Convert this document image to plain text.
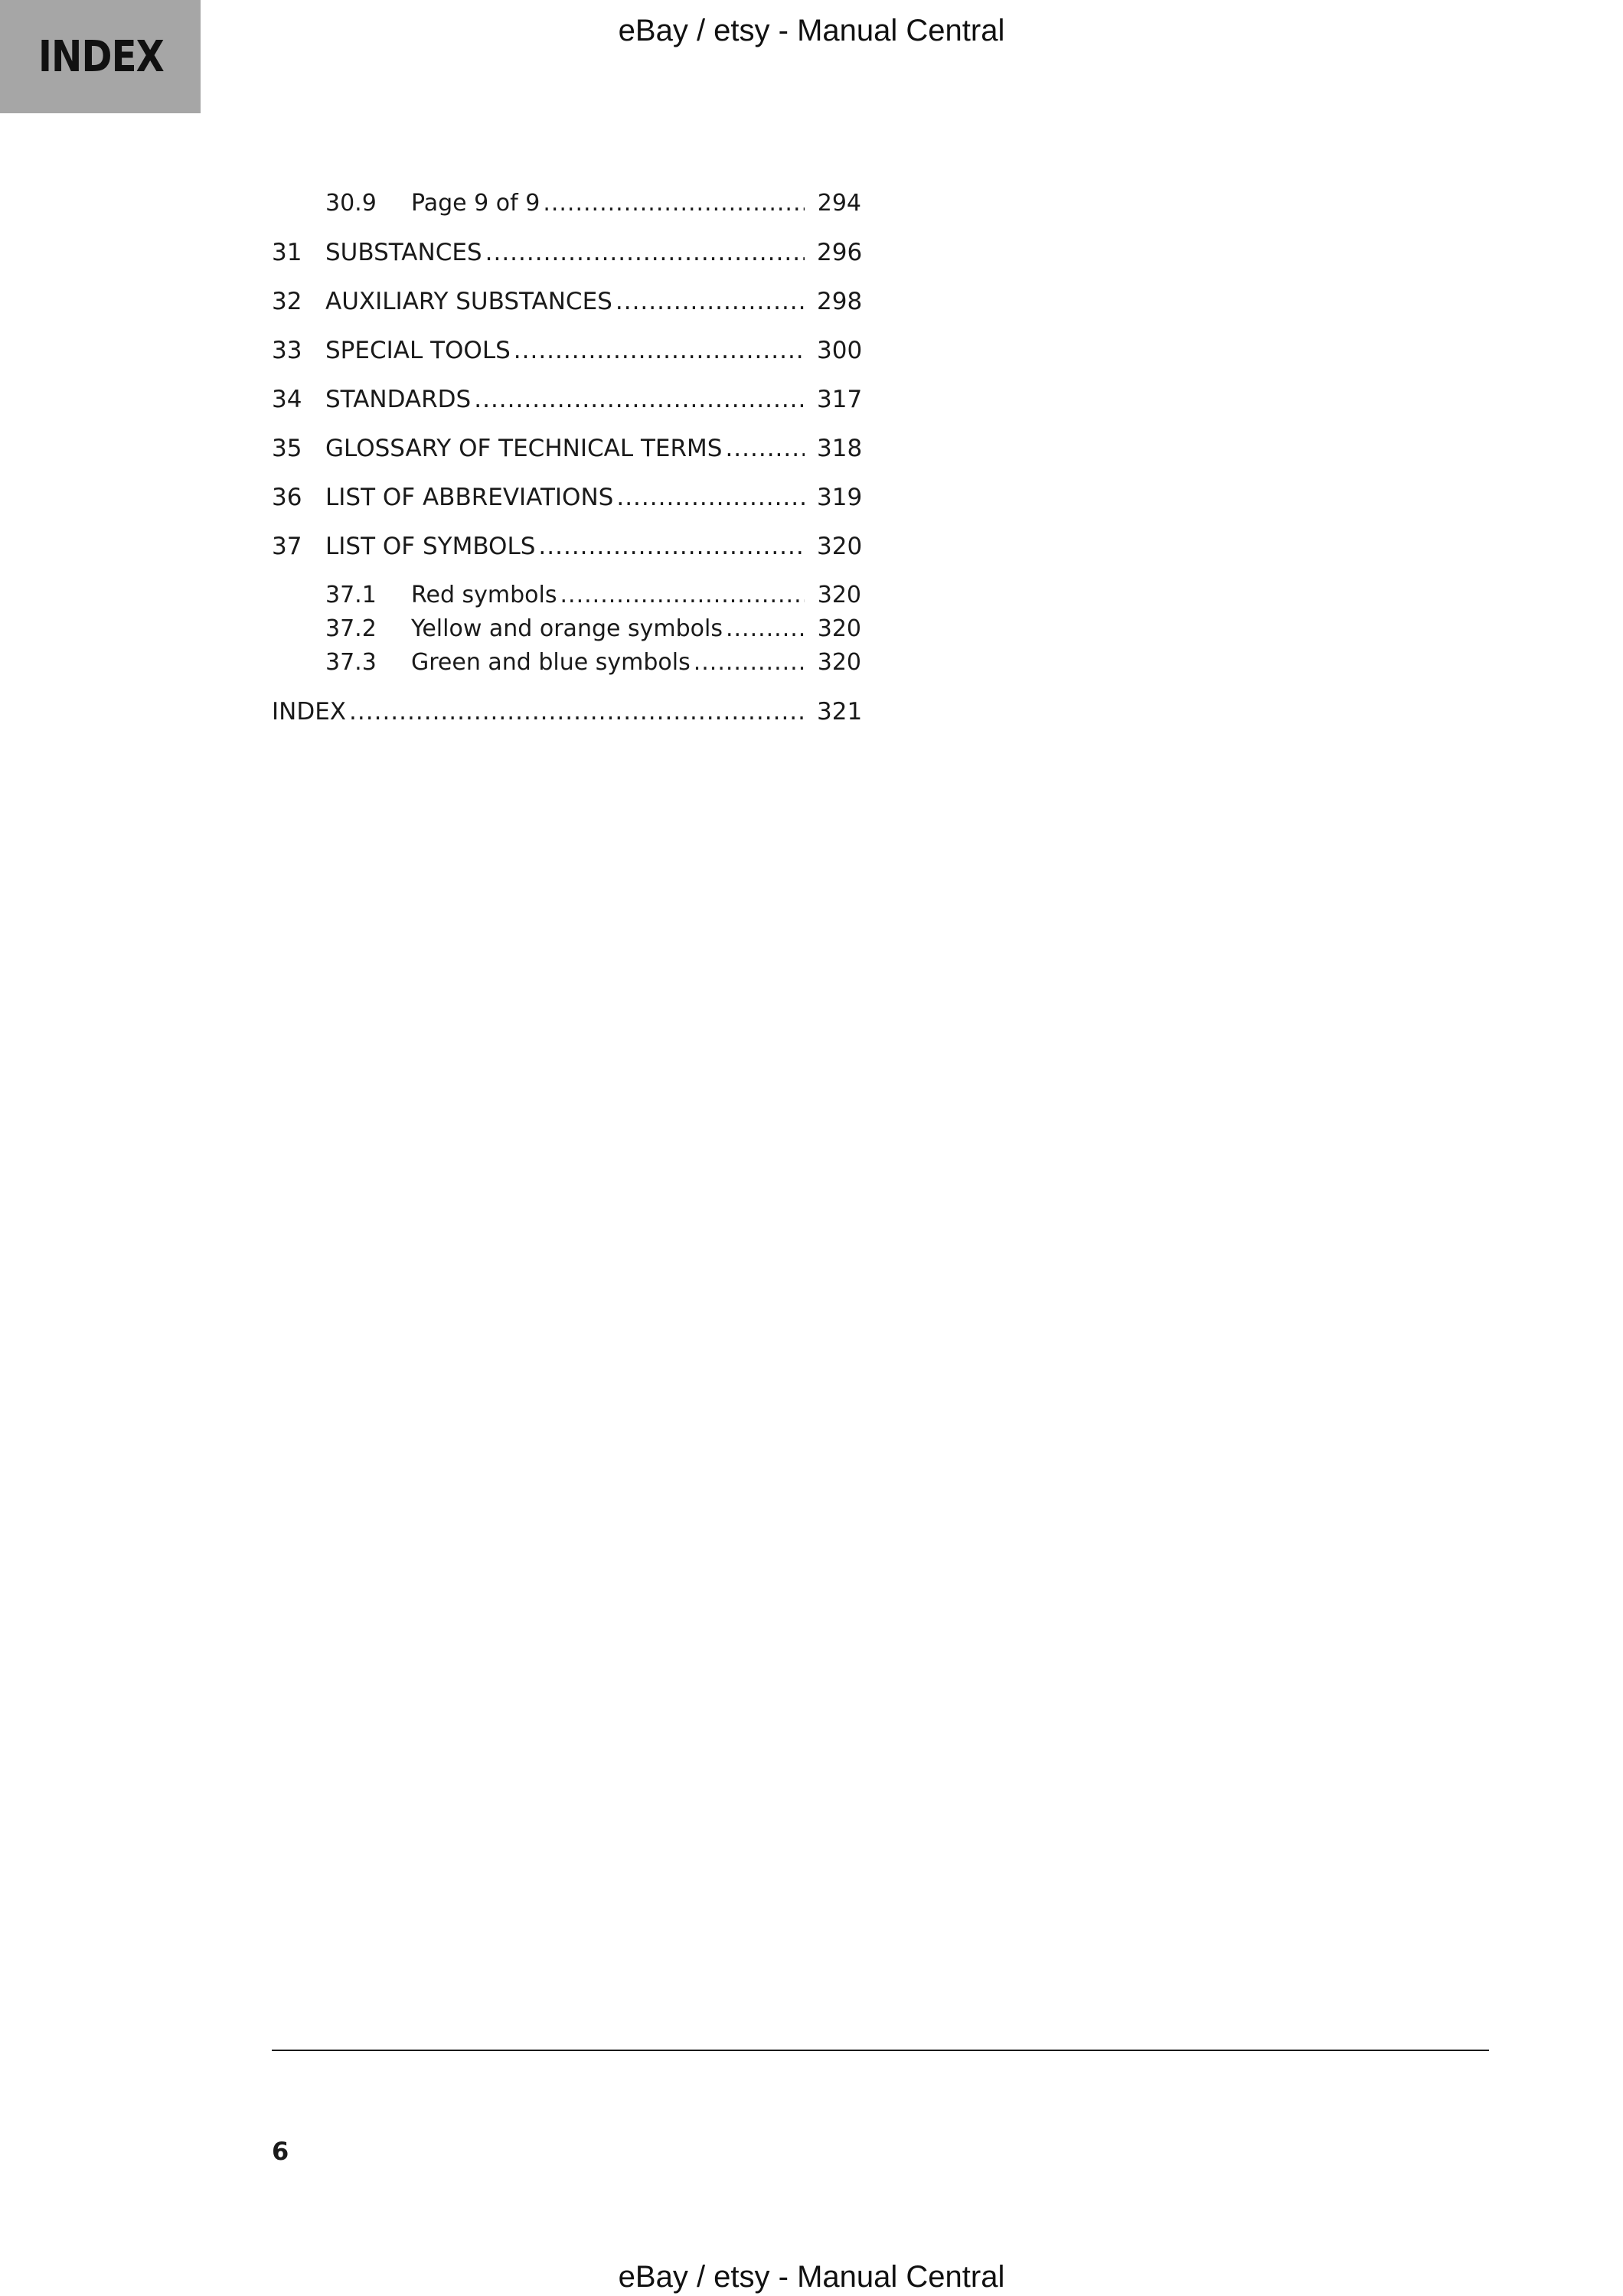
INDEX
eBay / etsy - Manual Central
30.9	Page 9 of 9 .....	294
31 SUBSTANCES .....	296
32 AUXILIARY SUBSTANCES .....	298
33 SPECIAL TOOLS .....	300
34 STANDARDS .....	317
35 GLOSSARY OF TECHNICAL TERMS .....	318
36 LIST OF ABBREVIATIONS .....	319
37 LIST OF SYMBOLS .....	320
37.1	Red symbols .....	320
37.2	Yellow and orange symbols .....	320
37.3	Green and blue symbols .....	320
INDEX .....	321
6
eBay / etsy - Manual Central
